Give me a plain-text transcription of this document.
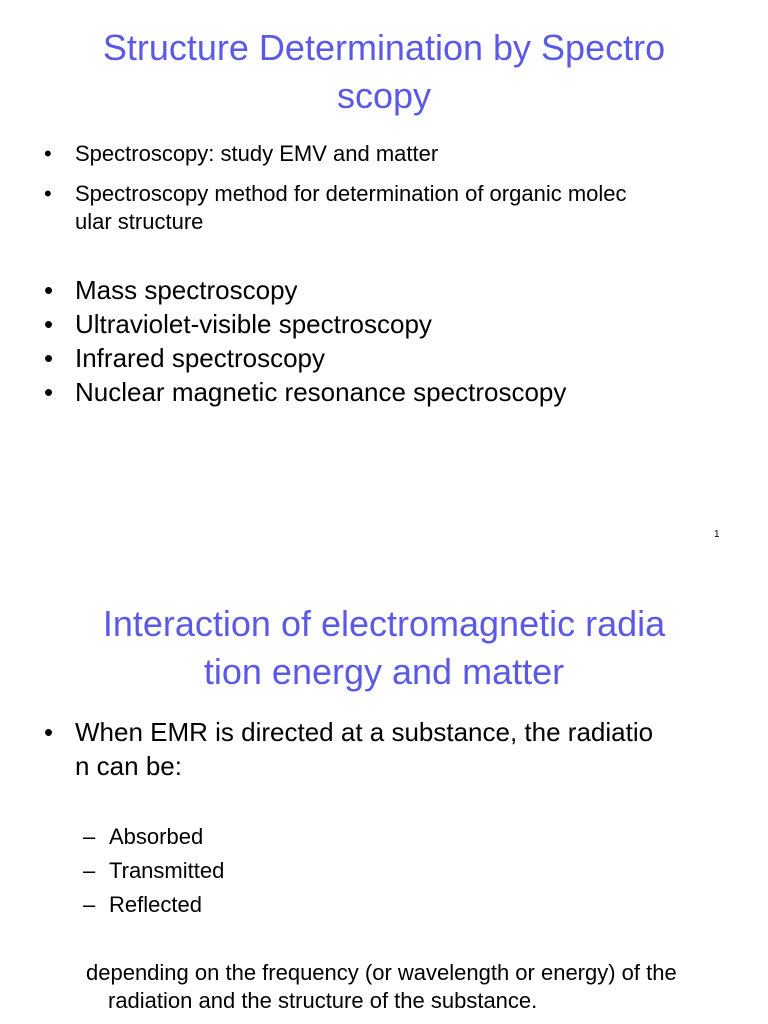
Structure Determination by Spectro
scopy
• Spectroscopy: study EMV and matter

• Spectroscopy method for determination of organic molec

ular structure

• Mass spectroscopy

• Ultraviolet-visible spectroscopy

• Infrared spectroscopy

• Nuclear magnetic resonance spectroscopy

1
Interaction of electromagnetic radia
tion energy and matter
• When EMR is directed at a substance, the radiatio

n can be:

– Absorbed

– Transmitted

– Reflected

depending on the frequency (or wavelength or energy) of the

radiation and the structure of the substance.
